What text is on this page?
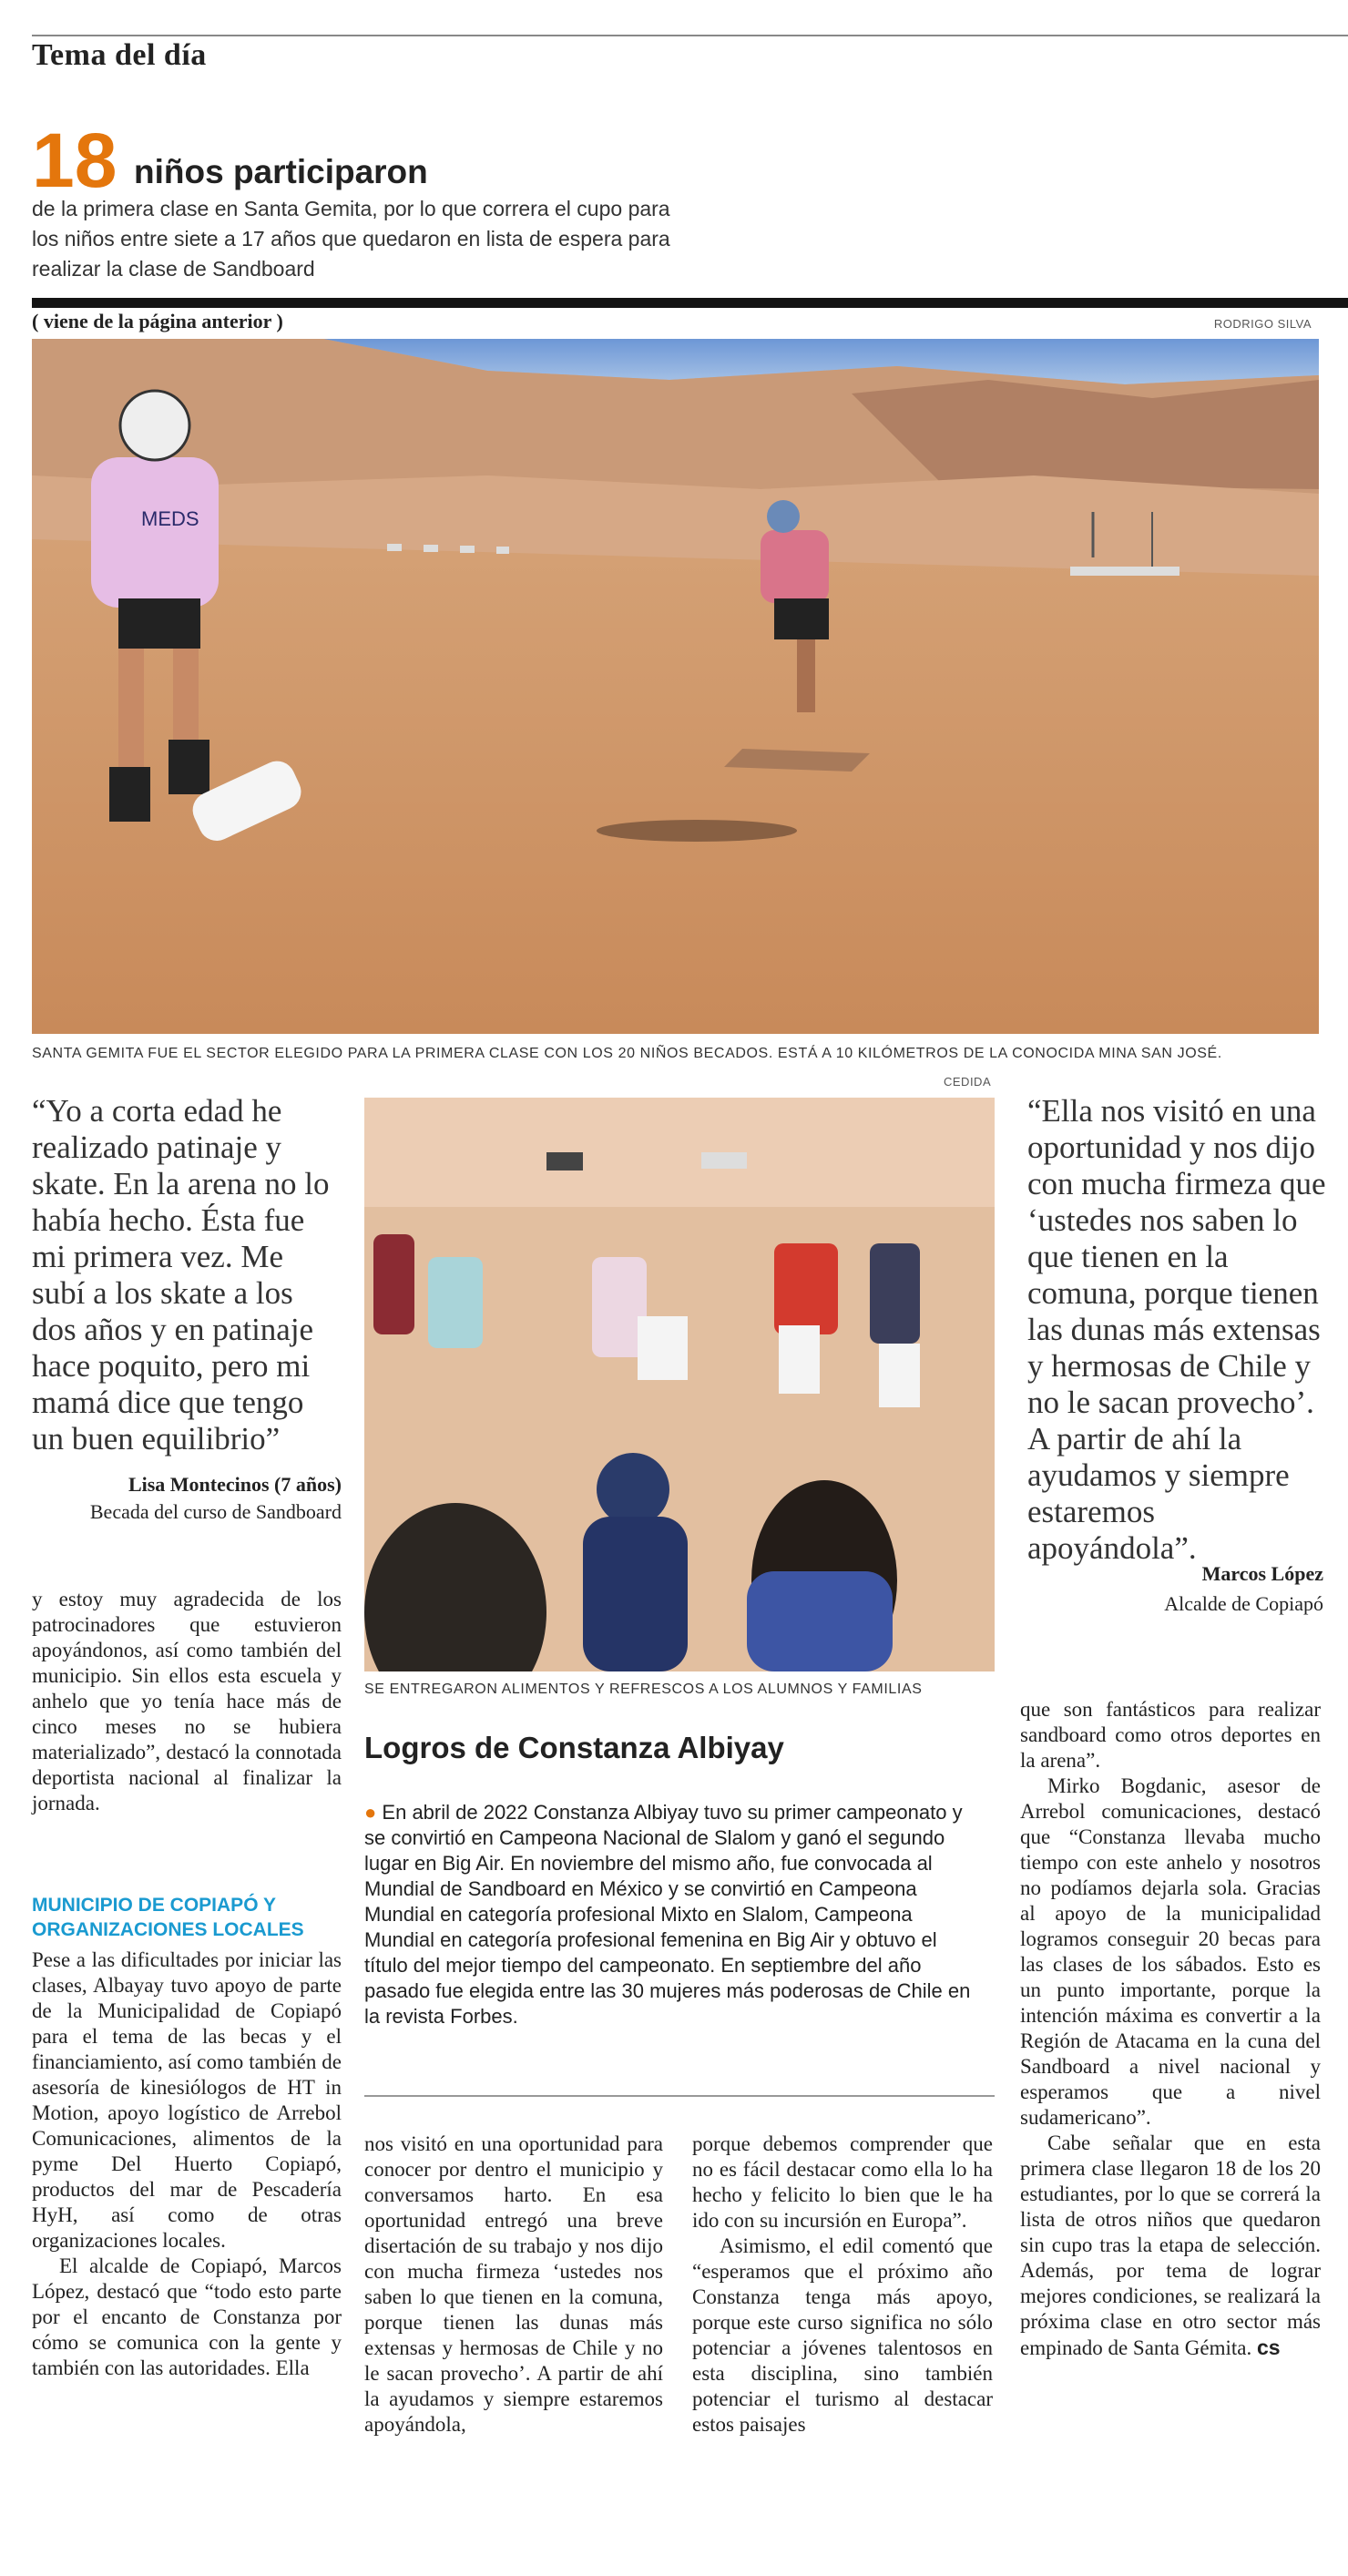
Tema del día
18 niños participaron
de la primera clase en Santa Gemita, por lo que correra el cupo para los niños entre siete a 17 años que quedaron en lista de espera para realizar la clase de Sandboard
( viene de la página anterior )	RODRIGO SILVA
MEDS
SANTA GEMITA FUE EL SECTOR ELEGIDO PARA LA PRIMERA CLASE CON LOS 20 NIÑOS BECADOS. ESTÁ A 10 KILÓMETROS DE LA CONOCIDA MINA SAN JOSÉ.
CEDIDA
“Yo a corta edad he realizado patinaje y skate. En la arena no lo había hecho. Ésta fue mi primera vez. Me subí a los skate a los dos años y en patinaje hace poquito, pero mi mamá dice que tengo un buen equilibrio”
Lisa Montecinos (7 años)
Becada del curso de Sandboard
SE ENTREGARON ALIMENTOS Y REFRESCOS A LOS ALUMNOS Y FAMILIAS
“Ella nos visitó en una oportunidad y nos dijo con mucha firmeza que ‘ustedes nos saben lo que tienen en la comuna, porque tienen las dunas más extensas y hermosas de Chile y no le sacan provecho’. A partir de ahí la ayudamos y siempre estaremos apoyándola”.
Marcos López
Alcalde de Copiapó

y estoy muy agradecida de los patrocinadores que estuvieron apoyándonos, así como también del municipio. Sin ellos esta escuela y anhelo que yo tenía hace más de cinco meses no se hubiera materializado”, destacó la connotada deportista nacional al finalizar la jornada.

MUNICIPIO DE COPIAPÓ Y ORGANIZACIONES LOCALES

Pese a las dificultades por iniciar las clases, Albayay tuvo apoyo de parte de la Municipalidad de Copiapó para el tema de las becas y el financiamiento, así como también de asesoría de kinesiólogos de HT in Motion, apoyo logístico de Arrebol Comunicaciones, alimentos de la pyme Del Huerto Copiapó, productos del mar de Pescadería HyH, así como de otras organizaciones locales.

El alcalde de Copiapó, Marcos López, destacó que “todo esto parte por el encanto de Constanza por cómo se comunica con la gente y también con las autoridades. Ella

Logros de Constanza Albiyay
● En abril de 2022 Constanza Albiyay tuvo su primer campeonato y se convirtió en Campeona Nacional de Slalom y ganó el segundo lugar en Big Air. En noviembre del mismo año, fue convocada al Mundial de Sandboard en México y se convirtió en Campeona Mundial en categoría profesional Mixto en Slalom, Campeona Mundial en categoría profesional femenina en Big Air y obtuvo el título del mejor tiempo del campeonato. En septiembre del año pasado fue elegida entre las 30 mujeres más poderosas de Chile en la revista Forbes.

nos visitó en una oportunidad para conocer por dentro el municipio y conversamos harto. En esa oportunidad entregó una breve disertación de su trabajo y nos dijo con mucha firmeza ‘ustedes nos saben lo que tienen en la comuna, porque tienen las dunas más extensas y hermosas de Chile y no le sacan provecho’. A partir de ahí la ayudamos y siempre estaremos apoyándola,

porque debemos comprender que no es fácil destacar como ella lo ha hecho y felicito lo bien que le ha ido con su incursión en Europa”.

Asimismo, el edil comentó que “esperamos que el próximo año Constanza tenga más apoyo, porque este curso significa no sólo potenciar a jóvenes talentosos en esta disciplina, sino también potenciar el turismo al destacar estos paisajes

que son fantásticos para realizar sandboard como otros deportes en la arena”.

Mirko Bogdanic, asesor de Arrebol comunicaciones, destacó que “Constanza llevaba mucho tiempo con este anhelo y nosotros no podíamos dejarla sola. Gracias al apoyo de la municipalidad logramos conseguir 20 becas para las clases de los sábados. Esto es un punto importante, porque la intención máxima es convertir a la Región de Atacama en la cuna del Sandboard a nivel nacional y esperamos que a nivel sudamericano”.

Cabe señalar que en esta primera clase llegaron 18 de los 20 estudiantes, por lo que se correrá la lista de otros niños que quedaron sin cupo tras la etapa de selección. Además, por tema de lograr mejores condiciones, se realizará la próxima clase en otro sector más empinado de Santa Gémita. cs
